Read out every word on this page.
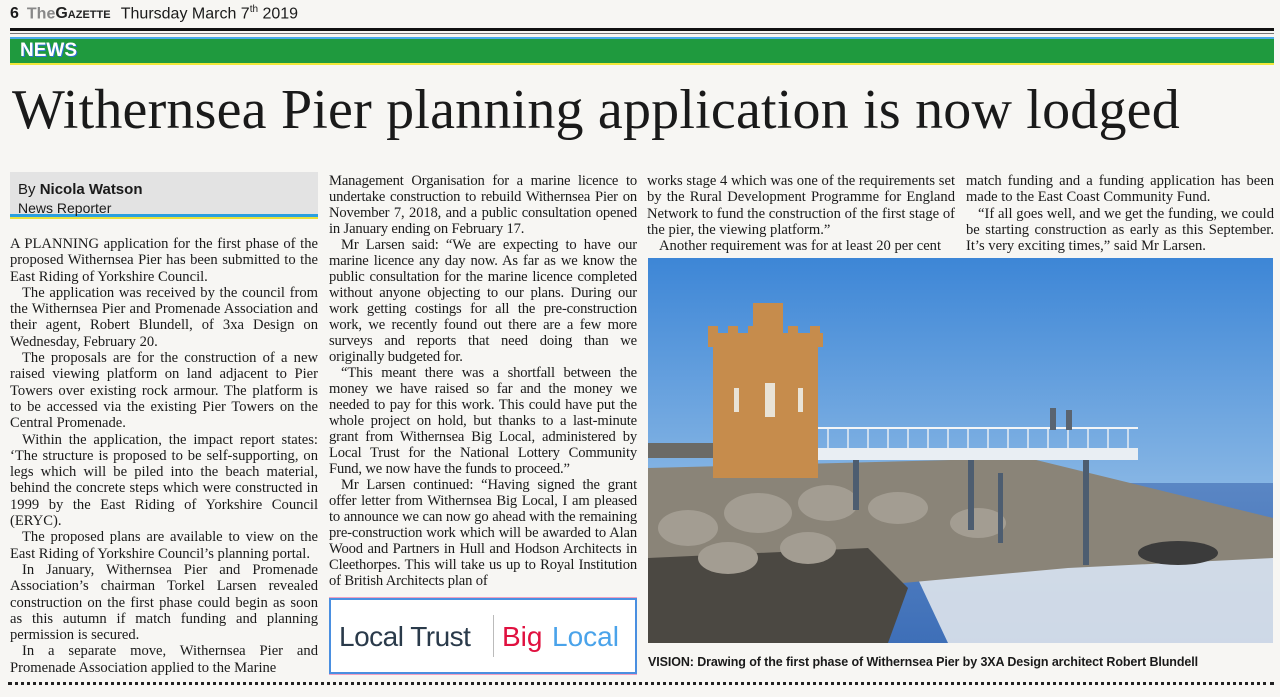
6 TheGazette Thursday March 7th 2019
NEWS
Withernsea Pier planning application is now lodged
By Nicola Watson
News Reporter

A PLANNING application for the first phase of the proposed Withernsea Pier has been submitted to the East Riding of Yorkshire Council.

The application was received by the council from the Withernsea Pier and Promenade Association and their agent, Robert Blundell, of 3xa Design on Wednesday, February 20.

The proposals are for the construction of a new raised viewing platform on land adjacent to Pier Towers over existing rock armour. The platform is to be accessed via the existing Pier Towers on the Central Promenade.

Within the application, the impact report states: ‘The structure is proposed to be self-supporting, on legs which will be piled into the beach material, behind the concrete steps which were constructed in 1999 by the East Riding of Yorkshire Council (ERYC).

The proposed plans are available to view on the East Riding of Yorkshire Council’s planning portal.

In January, Withernsea Pier and Promenade Association’s chairman Torkel Larsen revealed construction on the first phase could begin as soon as this autumn if match funding and planning permission is secured.

In a separate move, Withernsea Pier and Promenade Association applied to the Marine

Management Organisation for a marine licence to undertake construction to rebuild Withernsea Pier on November 7, 2018, and a public consultation opened in January ending on February 17.

Mr Larsen said: “We are expecting to have our marine licence any day now. As far as we know the public consultation for the marine licence completed without anyone objecting to our plans. During our work getting costings for all the pre-construction work, we recently found out there are a few more surveys and reports that need doing than we originally budgeted for.

“This meant there was a shortfall between the money we have raised so far and the money we needed to pay for this work. This could have put the whole project on hold, but thanks to a last-minute grant from Withernsea Big Local, administered by Local Trust for the National Lottery Community Fund, we now have the funds to proceed.”

Mr Larsen continued: “Having signed the grant offer letter from Withernsea Big Local, I am pleased to announce we can now go ahead with the remaining pre-construction work which will be awarded to Alan Wood and Partners in Hull and Hodson Architects in Cleethorpes. This will take us up to Royal Institution of British Architects plan of

works stage 4 which was one of the requirements set by the Rural Development Programme for England Network to fund the construction of the first stage of the pier, the viewing platform.”

Another requirement was for at least 20 per cent

match funding and a funding application has been made to the East Coast Community Fund.

“If all goes well, and we get the funding, we could be starting construction as early as this September. It’s very exciting times,” said Mr Larsen.

Local Trust Big Local
VISION: Drawing of the first phase of Withernsea Pier by 3XA Design architect Robert Blundell
